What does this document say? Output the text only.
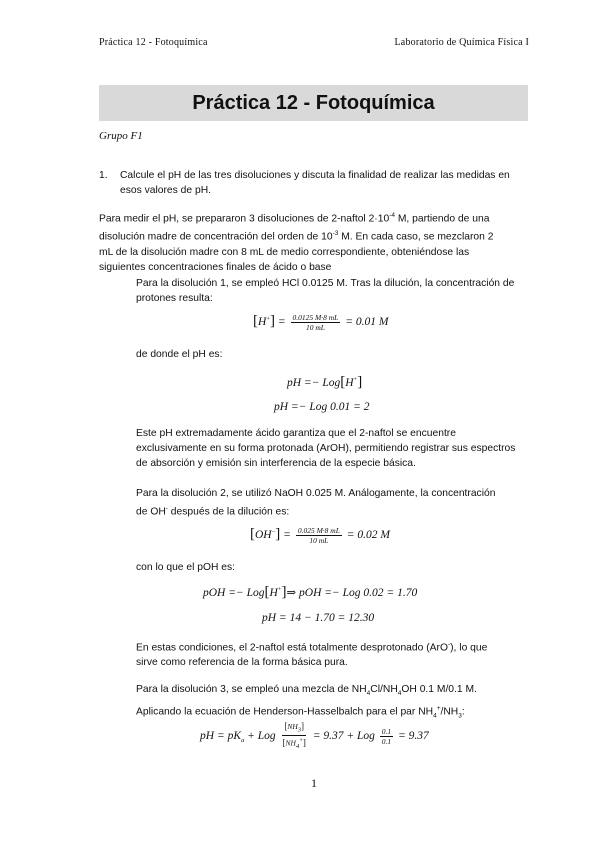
Práctica 12 - Fotoquímica	Laboratorio de Química Física I
Práctica 12 - Fotoquímica
Grupo F1
1. Calcule el pH de las tres disoluciones y discuta la finalidad de realizar las medidas en esos valores de pH.
Para medir el pH, se prepararon 3 disoluciones de 2-naftol $2\cdot 10^{-4}$ M, partiendo de una
disolución madre de concentración del orden de $10^{-3}$ M. En cada caso, se mezclaron 2
mL de la disolución madre con 8 mL de medio correspondiente, obteniéndose las
siguientes concentraciones finales de ácido o base
Para la disolución 1, se empleó HCl 0.0125 M. Tras la dilución, la concentración de protones resulta:
$[H^+] = \frac{0.0125 M\cdot 8 mL}{10 mL} = 0.01$ M
de donde el pH es:
pH =− Log[H+]
pH =− Log 0.01 = 2
Este pH extremadamente ácido garantiza que el 2-naftol se encuentre exclusivamente en su forma protonada (ArOH), permitiendo registrar sus espectros de absorción y emisión sin interferencia de la especie básica.
Para la disolución 2, se utilizó NaOH 0.025 M. Análogamente, la concentración
de OH- después de la dilución es:
$[OH^-] = \frac{0.025 M\cdot 8 mL}{10 mL} = 0.02$ M
con lo que el pOH es:
pOH =− Log[H+]⇒ pOH =− Log 0.02 = 1.70
pH = 14 − 1.70 = 12.30
En estas condiciones, el 2-naftol está totalmente desprotonado (ArO-), lo que
sirve como referencia de la forma básica pura.
Para la disolución 3, se empleó una mezcla de $NH_4Cl/NH_4OH$ 0.1 M/0.1 M.
Aplicando la ecuación de Henderson-Hasselbalch para el par $NH_4^+/NH_3$:
pH = $pK_a$ + Log $\frac{[NH_3]}{[NH_4^+]} = 9.37$ + Log $\frac{0.1}{0.1} = 9.37$
1
